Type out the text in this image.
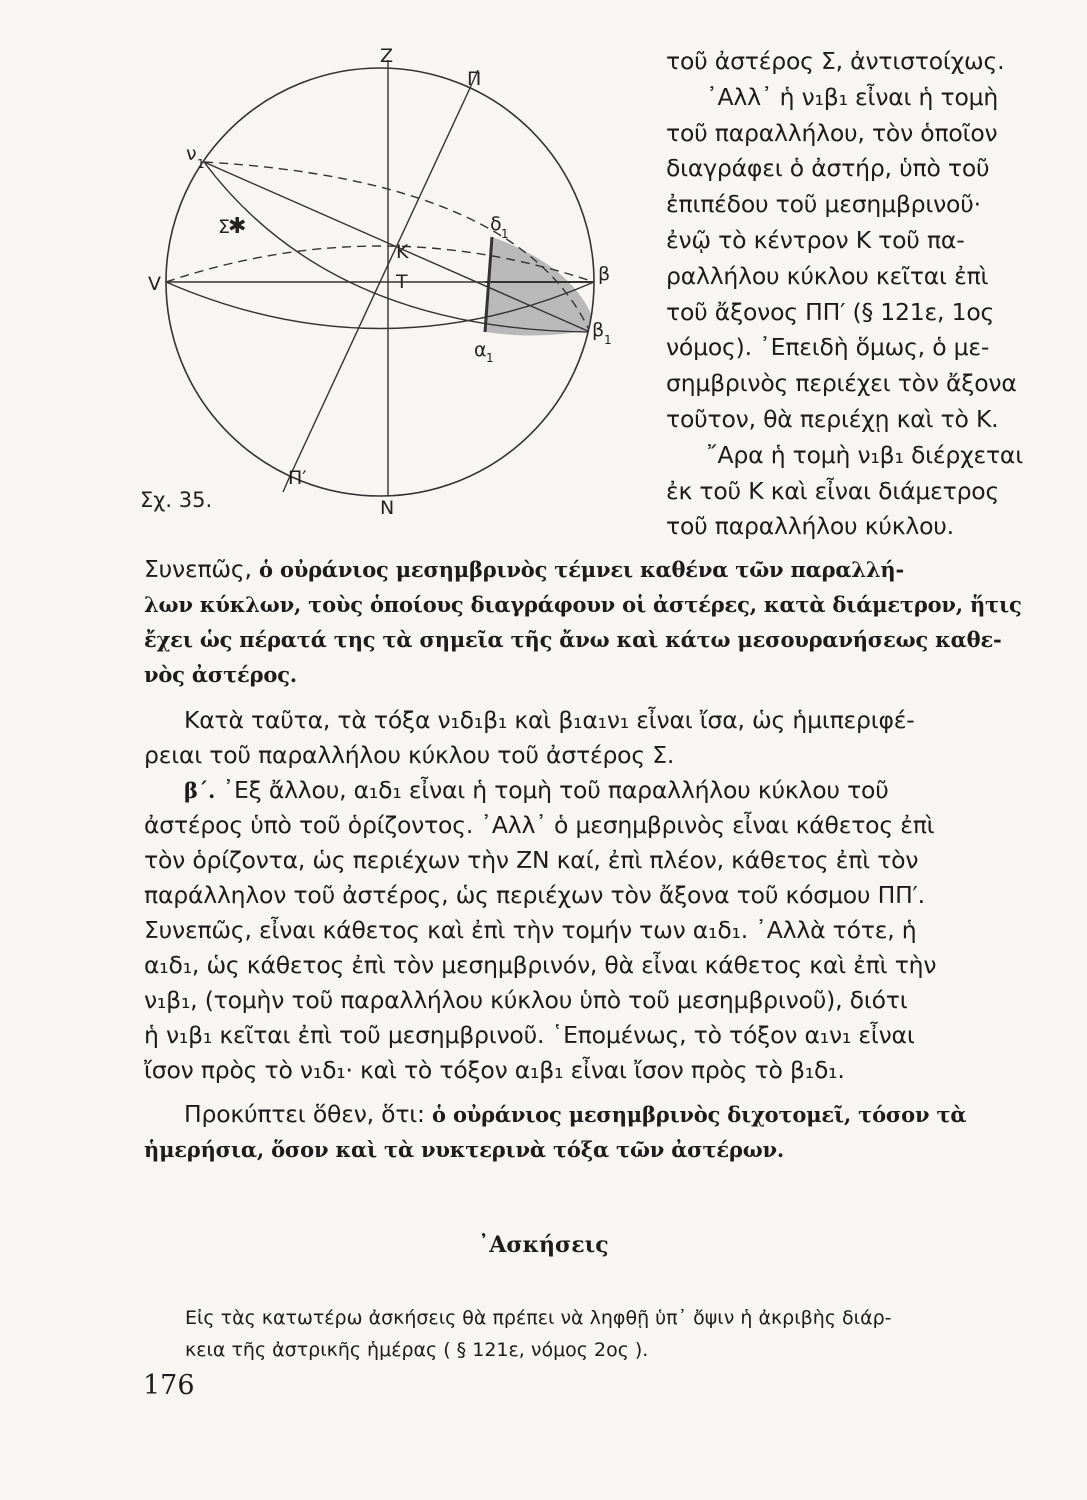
✱
Z
N
Π
Π′
V	β
β 1
α 1
δ 1
ν 1
Σ
K
T
Σχ. 35.
τοῦ ἀστέρος Σ, ἀντιστοίχως.
᾿Αλλ᾽ ἡ ν₁β₁ εἶναι ἡ τομὴ
τοῦ παραλλήλου, τὸν ὁποῖον
διαγράφει ὁ ἀστήρ, ὑπὸ τοῦ
ἐπιπέδου τοῦ μεσημβρινοῦ·
ἐνῷ τὸ κέντρον Κ τοῦ πα-
ραλλήλου κύκλου κεῖται ἐπὶ
τοῦ ἄξονος ΠΠ′ (§ 121ε, 1ος
νόμος). ᾿Επειδὴ ὅμως, ὁ με-
σημβρινὸς περιέχει τὸν ἄξονα
τοῦτον, θὰ περιέχῃ καὶ τὸ Κ.
῎Αρα ἡ τομὴ ν₁β₁ διέρχεται
ἐκ τοῦ Κ καὶ εἶναι διάμετρος
τοῦ παραλλήλου κύκλου.
Συνεπῶς, ὁ οὐράνιος μεσημβρινὸς τέμνει καθένα τῶν παραλλή-
λων κύκλων, τοὺς ὁποίους διαγράφουν οἱ ἀστέρες, κατὰ διάμετρον, ἥτις
ἔχει ὡς πέρατά της τὰ σημεῖα τῆς ἄνω καὶ κάτω μεσουρανήσεως καθε-
νὸς ἀστέρος.
Κατὰ ταῦτα, τὰ τόξα ν₁δ₁β₁ καὶ β₁α₁ν₁ εἶναι ἴσα, ὡς ἡμιπεριφέ-
ρειαι τοῦ παραλλήλου κύκλου τοῦ ἀστέρος Σ.
β΄. ᾿Εξ ἄλλου, α₁δ₁ εἶναι ἡ τομὴ τοῦ παραλλήλου κύκλου τοῦ
ἀστέρος ὑπὸ τοῦ ὁρίζοντος. ᾿Αλλ᾽ ὁ μεσημβρινὸς εἶναι κάθετος ἐπὶ
τὸν ὁρίζοντα, ὡς περιέχων τὴν ΖΝ καί, ἐπὶ πλέον, κάθετος ἐπὶ τὸν
παράλληλον τοῦ ἀστέρος, ὡς περιέχων τὸν ἄξονα τοῦ κόσμου ΠΠ′.
Συνεπῶς, εἶναι κάθετος καὶ ἐπὶ τὴν τομήν των α₁δ₁. ᾿Αλλὰ τότε, ἡ
α₁δ₁, ὡς κάθετος ἐπὶ τὸν μεσημβρινόν, θὰ εἶναι κάθετος καὶ ἐπὶ τὴν
ν₁β₁, (τομὴν τοῦ παραλλήλου κύκλου ὑπὸ τοῦ μεσημβρινοῦ), διότι
ἡ ν₁β₁ κεῖται ἐπὶ τοῦ μεσημβρινοῦ. ῾Επομένως, τὸ τόξον α₁ν₁ εἶναι
ἴσον πρὸς τὸ ν₁δ₁· καὶ τὸ τόξον α₁β₁ εἶναι ἴσον πρὸς τὸ β₁δ₁.
Προκύπτει ὅθεν, ὅτι: ὁ οὐράνιος μεσημβρινὸς διχοτομεῖ, τόσον τὰ
ἡμερήσια, ὅσον καὶ τὰ νυκτερινὰ τόξα τῶν ἀστέρων.
᾿Ασκήσεις
Εἰς τὰς κατωτέρω ἀσκήσεις θὰ πρέπει νὰ ληφθῇ ὑπ᾽ ὄψιν ἡ ἀκριβὴς διάρ-
κεια τῆς ἀστρικῆς ἡμέρας ( § 121ε, νόμος 2ος ).
176
